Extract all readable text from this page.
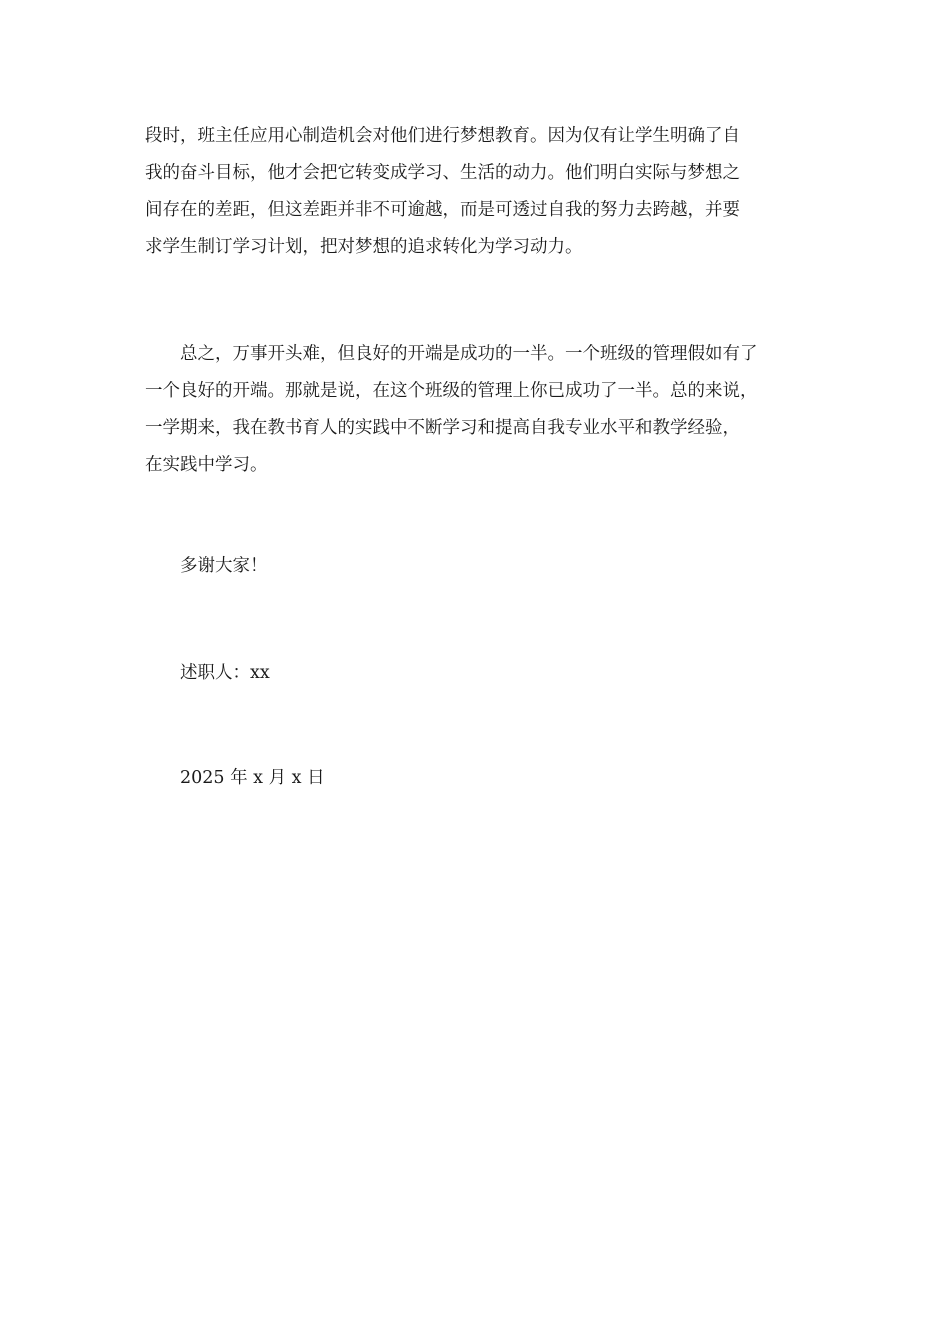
段时，班主任应用心制造机会对他们进行梦想教育。因为仅有让学生明确了自
我的奋斗目标，他才会把它转变成学习、生活的动力。他们明白实际与梦想之
间存在的差距，但这差距并非不可逾越，而是可透过自我的努力去跨越，并要
求学生制订学习计划，把对梦想的追求转化为学习动力。
　　总之，万事开头难，但良好的开端是成功的一半。一个班级的管理假如有了
一个良好的开端。那就是说，在这个班级的管理上你已成功了一半。总的来说，
一学期来，我在教书育人的实践中不断学习和提高自我专业水平和教学经验，
在实践中学习。
　　多谢大家！
　　述职人：xx
　　2025 年 x 月 x 日
